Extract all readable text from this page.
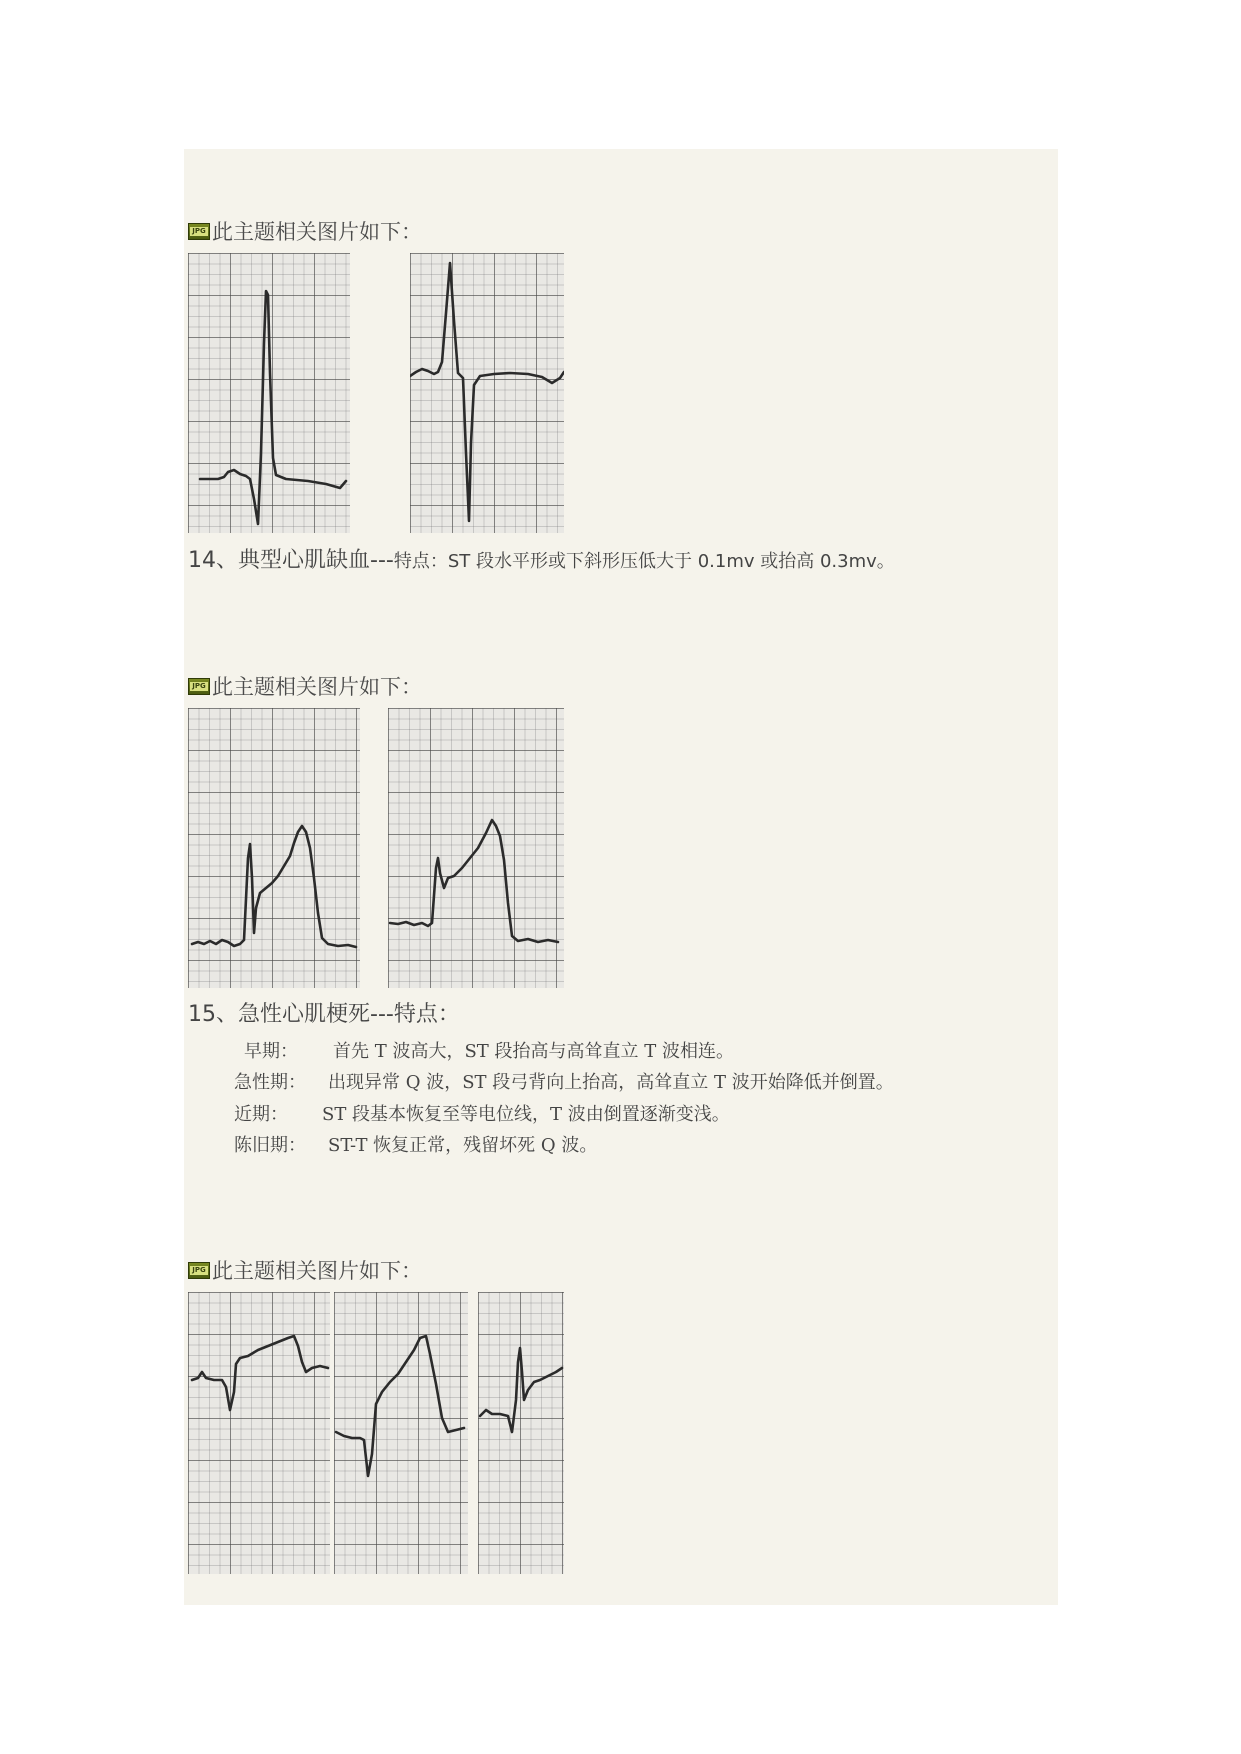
JPG 此主题相关图片如下：
14、典型心肌缺血---特点：ST 段水平形或下斜形压低大于 0.1mv 或抬高 0.3mv。
JPG 此主题相关图片如下：
15、急性心肌梗死---特点：
早期： 首先 T 波高大，ST 段抬高与高耸直立 T 波相连。
急性期： 出现异常 Q 波，ST 段弓背向上抬高，高耸直立 T 波开始降低并倒置。
近期： ST 段基本恢复至等电位线，T 波由倒置逐渐变浅。
陈旧期： ST-T 恢复正常，残留坏死 Q 波。
JPG 此主题相关图片如下：
